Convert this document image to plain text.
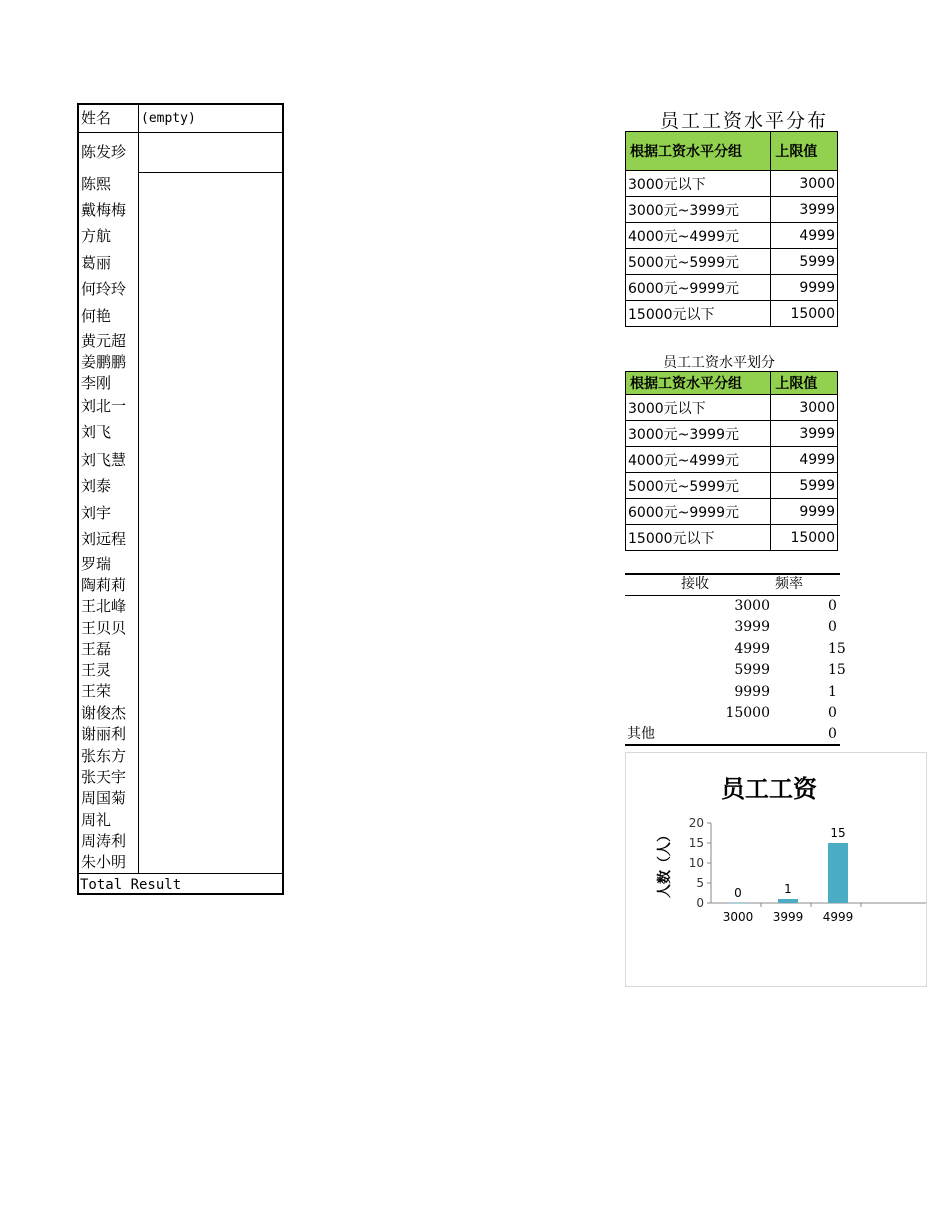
姓名 (empty)
陈发珍
陈熙
戴梅梅
方航
葛丽
何玲玲
何艳
黄元超
姜鹏鹏
李刚
刘北一
刘飞
刘飞慧
刘泰
刘宇
刘远程
罗瑞
陶莉莉
王北峰
王贝贝
王磊
王灵
王荣
谢俊杰
谢丽利
张东方
张天宇
周国菊
周礼
周涛利
朱小明
Total Result
员工工资水平分布
根据工资水平分组	上限值
3000元以下	3000
3000元~3999元	3999
4000元~4999元	4999
5000元~5999元	5999
6000元~9999元	9999
15000元以下	15000
员工工资水平划分
根据工资水平分组	上限值
3000元以下	3000
3000元~3999元	3999
4000元~4999元	4999
5000元~5999元	5999
6000元~9999元	9999
15000元以下	15000
接收	频率
3000	0
3999	0
4999	15
5999	15
9999	1
15000	0
其他	0
员工工资
人数（人）
0
5
10
15
20
0
3000
1
3999
15
4999
